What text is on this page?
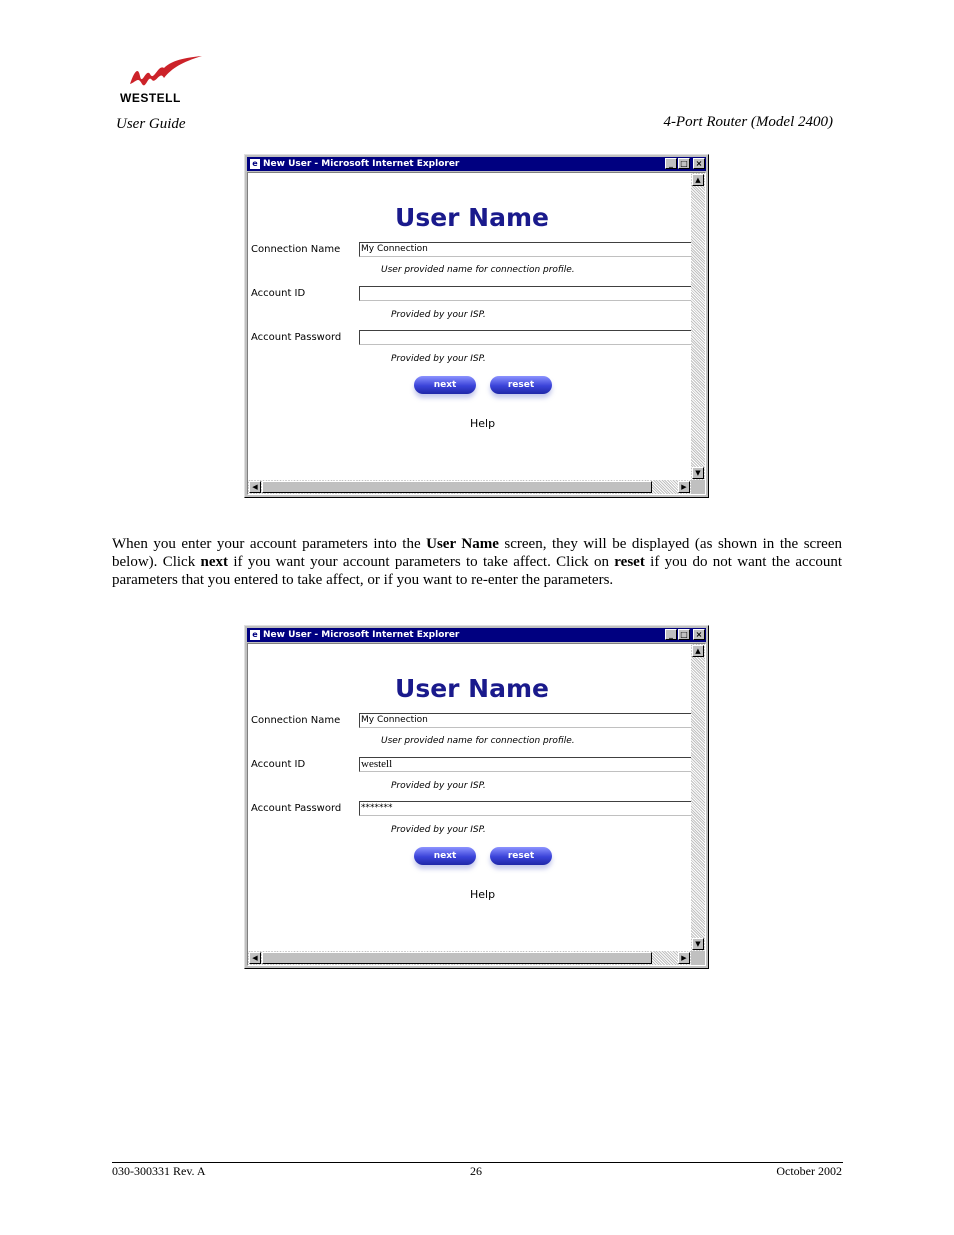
WESTELL
User Guide	4-Port Router (Model 2400)
e New User - Microsoft Internet Explorer	_ □ ×
User Name
Connection Name My Connection
User provided name for connection profile.
Account ID
Provided by your ISP.
Account Password
Provided by your ISP.
next	reset
Help
▲
▼
◀	▶
When you enter your account parameters into the User Name screen, they will be displayed (as shown in the screen below). Click next if you want your account parameters to take affect. Click on reset if you do not want the account parameters that you entered to take affect, or if you want to re-enter the parameters.
e New User - Microsoft Internet Explorer	_ □ ×
User Name
Connection Name My Connection
User provided name for connection profile.
Account ID	westell
Provided by your ISP.
Account Password *******
Provided by your ISP.
next	reset
Help
▲
▼
◀	▶
030-300331 Rev. A	26	October 2002
